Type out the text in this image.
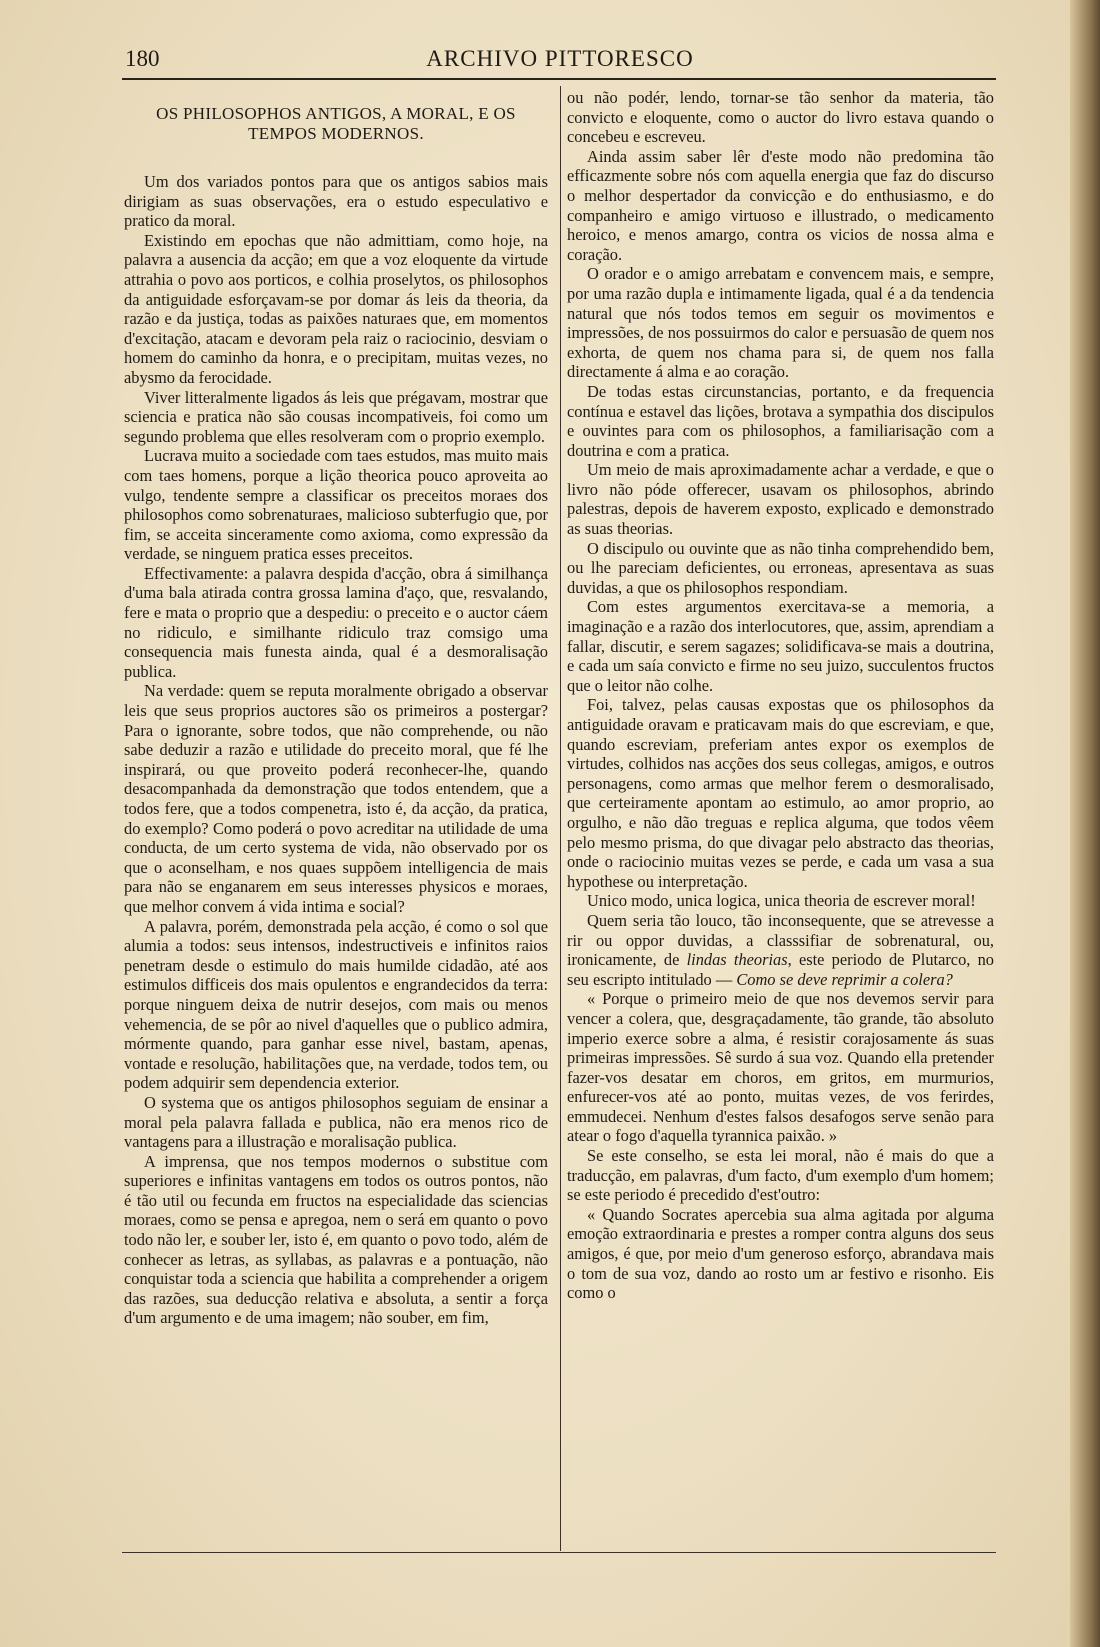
180	ARCHIVO PITTORESCO
OS PHILOSOPHOS ANTIGOS, A MORAL, E OS TEMPOS MODERNOS.

Um dos variados pontos para que os antigos sabios mais dirigiam as suas observações, era o estudo especulativo e pratico da moral.

Existindo em epochas que não admittiam, como hoje, na palavra a ausencia da acção; em que a voz eloquente da virtude attrahia o povo aos porticos, e colhia proselytos, os philosophos da antiguidade esforçavam-se por domar ás leis da theoria, da razão e da justiça, todas as paixões naturaes que, em momentos d'excitação, atacam e devoram pela raiz o raciocinio, desviam o homem do caminho da honra, e o precipitam, muitas vezes, no abysmo da ferocidade.

Viver litteralmente ligados ás leis que prégavam, mostrar que sciencia e pratica não são cousas incompativeis, foi como um segundo problema que elles resolveram com o proprio exemplo.

Lucrava muito a sociedade com taes estudos, mas muito mais com taes homens, porque a lição theorica pouco aproveita ao vulgo, tendente sempre a classificar os preceitos moraes dos philosophos como sobrenaturaes, malicioso subterfugio que, por fim, se acceita sinceramente como axioma, como expressão da verdade, se ninguem pratica esses preceitos.

Effectivamente: a palavra despida d'acção, obra á similhança d'uma bala atirada contra grossa lamina d'aço, que, resvalando, fere e mata o proprio que a despediu: o preceito e o auctor cáem no ridiculo, e similhante ridiculo traz comsigo uma consequencia mais funesta ainda, qual é a desmoralisação publica.

Na verdade: quem se reputa moralmente obrigado a observar leis que seus proprios auctores são os primeiros a postergar? Para o ignorante, sobre todos, que não comprehende, ou não sabe deduzir a razão e utilidade do preceito moral, que fé lhe inspirará, ou que proveito poderá reconhecer-lhe, quando desacompanhada da demonstração que todos entendem, que a todos fere, que a todos compenetra, isto é, da acção, da pratica, do exemplo? Como poderá o povo acreditar na utilidade de uma conducta, de um certo systema de vida, não observado por os que o aconselham, e nos quaes suppõem intelligencia de mais para não se enganarem em seus interesses physicos e moraes, que melhor convem á vida intima e social?

A palavra, porém, demonstrada pela acção, é como o sol que alumia a todos: seus intensos, indestructiveis e infinitos raios penetram desde o estimulo do mais humilde cidadão, até aos estimulos difficeis dos mais opulentos e engrandecidos da terra: porque ninguem deixa de nutrir desejos, com mais ou menos vehemencia, de se pôr ao nivel d'aquelles que o publico admira, mórmente quando, para ganhar esse nivel, bastam, apenas, vontade e resolução, habilitações que, na verdade, todos tem, ou podem adquirir sem dependencia exterior.

O systema que os antigos philosophos seguiam de ensinar a moral pela palavra fallada e publica, não era menos rico de vantagens para a illustração e moralisação publica.

A imprensa, que nos tempos modernos o substitue com superiores e infinitas vantagens em todos os outros pontos, não é tão util ou fecunda em fructos na especialidade das sciencias moraes, como se pensa e apregoa, nem o será em quanto o povo todo não ler, e souber ler, isto é, em quanto o povo todo, além de conhecer as letras, as syllabas, as palavras e a pontuação, não conquistar toda a sciencia que habilita a comprehender a origem das razões, sua deducção relativa e absoluta, a sentir a força d'um argumento e de uma imagem; não souber, em fim,

ou não podér, lendo, tornar-se tão senhor da materia, tão convicto e eloquente, como o auctor do livro estava quando o concebeu e escreveu.

Ainda assim saber lêr d'este modo não predomina tão efficazmente sobre nós com aquella energia que faz do discurso o melhor despertador da convicção e do enthusiasmo, e do companheiro e amigo virtuoso e illustrado, o medicamento heroico, e menos amargo, contra os vicios de nossa alma e coração.

O orador e o amigo arrebatam e convencem mais, e sempre, por uma razão dupla e intimamente ligada, qual é a da tendencia natural que nós todos temos em seguir os movimentos e impressões, de nos possuirmos do calor e persuasão de quem nos exhorta, de quem nos chama para si, de quem nos falla directamente á alma e ao coração.

De todas estas circunstancias, portanto, e da frequencia contínua e estavel das lições, brotava a sympathia dos discipulos e ouvintes para com os philosophos, a familiarisação com a doutrina e com a pratica.

Um meio de mais aproximadamente achar a verdade, e que o livro não póde offerecer, usavam os philosophos, abrindo palestras, depois de haverem exposto, explicado e demonstrado as suas theorias.

O discipulo ou ouvinte que as não tinha comprehendido bem, ou lhe pareciam deficientes, ou erroneas, apresentava as suas duvidas, a que os philosophos respondiam.

Com estes argumentos exercitava-se a memoria, a imaginação e a razão dos interlocutores, que, assim, aprendiam a fallar, discutir, e serem sagazes; solidificava-se mais a doutrina, e cada um saía convicto e firme no seu juizo, succulentos fructos que o leitor não colhe.

Foi, talvez, pelas causas expostas que os philosophos da antiguidade oravam e praticavam mais do que escreviam, e que, quando escreviam, preferiam antes expor os exemplos de virtudes, colhidos nas acções dos seus collegas, amigos, e outros personagens, como armas que melhor ferem o desmoralisado, que certeiramente apontam ao estimulo, ao amor proprio, ao orgulho, e não dão treguas e replica alguma, que todos vêem pelo mesmo prisma, do que divagar pelo abstracto das theorias, onde o raciocinio muitas vezes se perde, e cada um vasa a sua hypothese ou interpretação.

Unico modo, unica logica, unica theoria de escrever moral!

Quem seria tão louco, tão inconsequente, que se atrevesse a rir ou oppor duvidas, a classsifiar de sobrenatural, ou, ironicamente, de lindas theorias, este periodo de Plutarco, no seu escripto intitulado — Como se deve reprimir a colera?

« Porque o primeiro meio de que nos devemos servir para vencer a colera, que, desgraçadamente, tão grande, tão absoluto imperio exerce sobre a alma, é resistir corajosamente ás suas primeiras impressões. Sê surdo á sua voz. Quando ella pretender fazer-vos desatar em choros, em gritos, em murmurios, enfurecer-vos até ao ponto, muitas vezes, de vos ferirdes, emmudecei. Nenhum d'estes falsos desafogos serve senão para atear o fogo d'aquella tyrannica paixão. »

Se este conselho, se esta lei moral, não é mais do que a traducção, em palavras, d'um facto, d'um exemplo d'um homem; se este periodo é precedido d'est'outro:

« Quando Socrates apercebia sua alma agitada por alguma emoção extraordinaria e prestes a romper contra alguns dos seus amigos, é que, por meio d'um generoso esforço, abrandava mais o tom de sua voz, dando ao rosto um ar festivo e risonho. Eis como o
